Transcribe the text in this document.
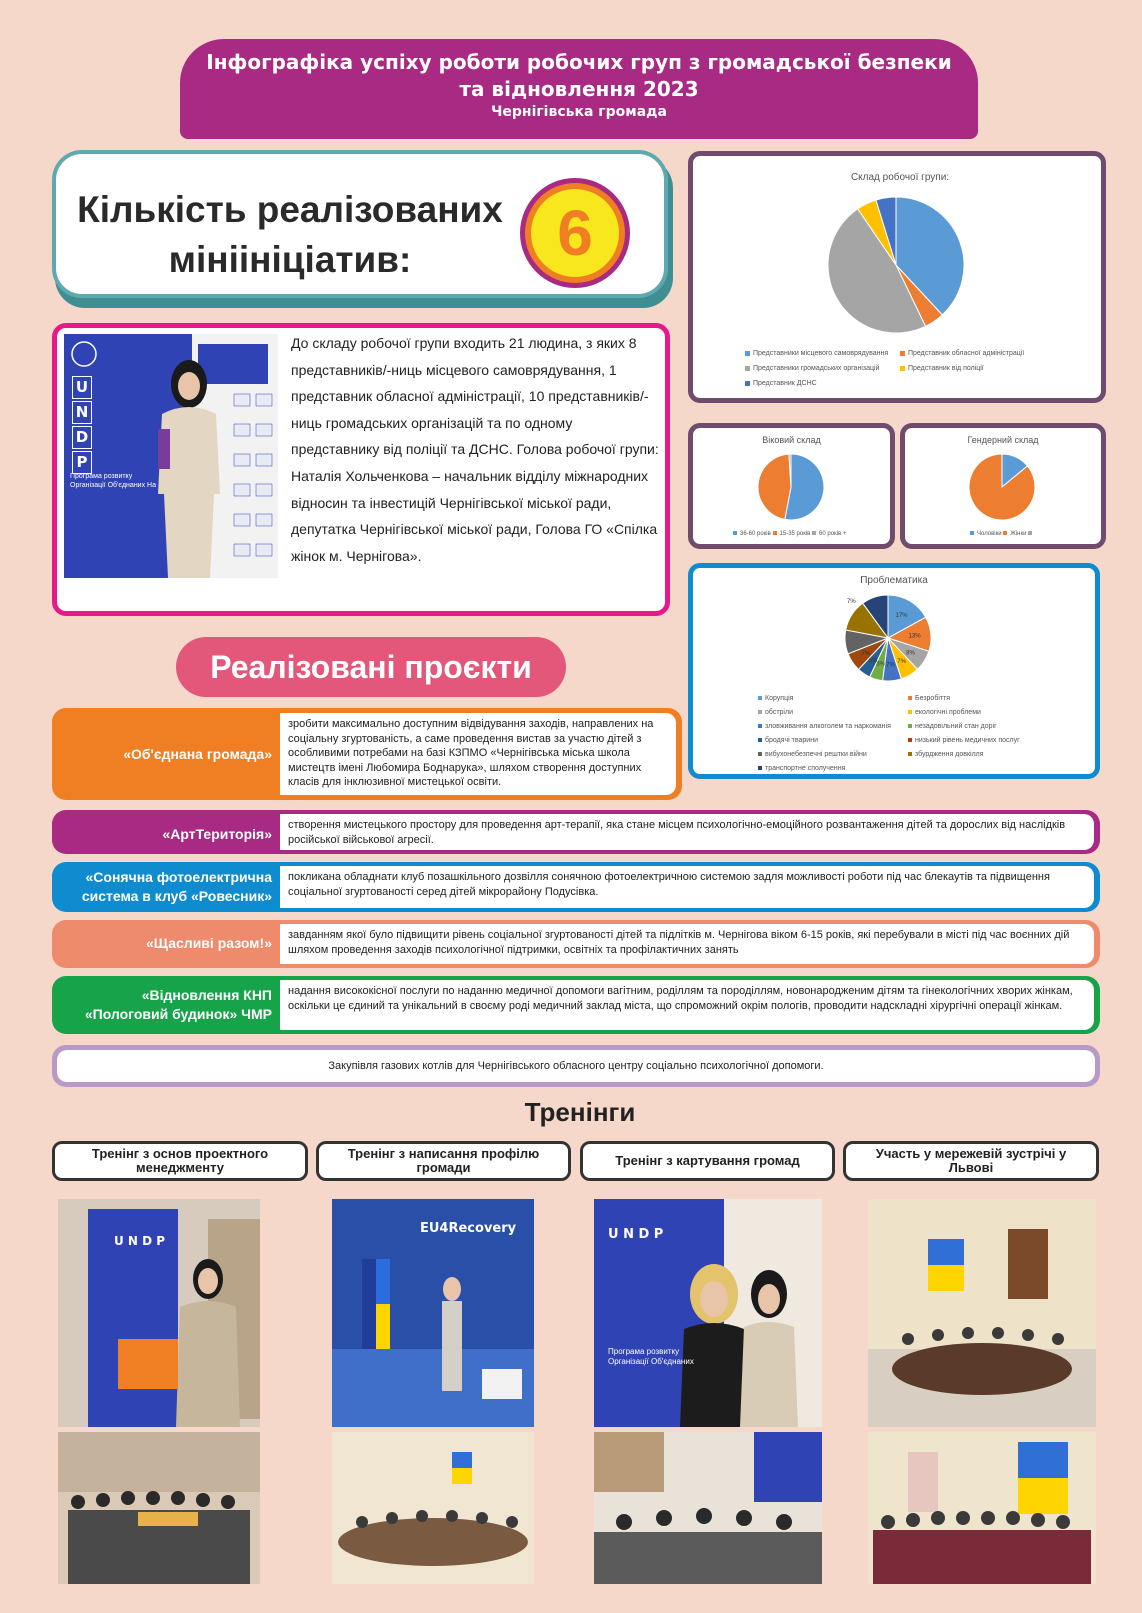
Інфографіка успіху роботи робочих груп з громадської безпеки
та відновлення 2023
Чернігівська громада
Кількість реалізованих
мініініціатив:	6
U
N
D
P
Програма розвитку
Організації Об'єднаних На
До складу робочої групи входить 21 людина, з яких 8 представників/-ниць місцевого самоврядування, 1 представник обласної адміністрації, 10 представників/-ниць громадських організацій та по одному представнику від поліції та ДСНС. Голова робочої групи: Наталія Хольченкова – начальник відділу міжнародних відносин та інвестицій Чернігівської міської ради, депутатка Чернігівської міської ради, Голова ГО «Спілка жінок м. Чернігова».
Склад робочої групи:
Представники місцевого самоврядування	Представник обласної адміністрації
Представники громадських організацій	Представник від поліції
Представник ДСНС
Віковий склад
36-60 років 15-35 років 60 років +
Гендерний склад
Чоловіки Жінки
Проблематика
17%
13%
8%
7%
7%
5%
5%
7%
7%
Корупція	Безробіттяобстріли	екологічні проблемизловживання алкоголем та наркоманія	незадовільний стан дорігбродячі тварини	низький рівень медичних послугвибухонебезпечні рештки війни	збурдження довкіллятранспортне сполучення
Реалізовані проєкти
«Об'єднана громада»
зробити максимально доступним відвідування заходів, направлених на соціальну згуртованість, а саме проведення вистав за участю дітей з особливими потребами на базі КЗПМО «Чернігівська міська школа мистецтв імені Любомира Боднарука», шляхом створення доступних класів для інклюзивної мистецької освіти.
«АртТериторія»
створення мистецького простору для проведення арт-терапії, яка стане місцем психологічно-емоційного розвантаження дітей та дорослих від наслідків російської військової агресії.
«Сонячна фотоелектрична
система в клуб «Ровесник»
покликана обладнати клуб позашкільного дозвілля сонячною фотоелектричною системою задля можливості роботи під час блекаутів та підвищення соціальної згуртованості серед дітей мікрорайону Подусівка.
«Щасливі разом!»	завданням якої було підвищити рівень соціальної згуртованості дітей та підлітків м. Чернігова віком 6-15 років, які перебували в місті під час воєнних дій шляхом проведення заходів психологічної підтримки, освітніх та профілактичних занять
«Відновлення КНП
«Пологовий будинок» ЧМР
надання висококісної послуги по наданню медичної допомоги вагітним, роділлям та породіллям, новонародженим дітям та гінекологічних хворих жінкам, оскільки це єдиний та унікальний в своєму роді медичний заклад міста, що спроможний окрім пологів, проводити надскладні хірургічні операції жінкам.
Закупівля газових котлів для Чернігівського обласного центру соціально психологічної допомоги.
Тренінги
Тренінг з основ проектного менеджменту
Тренінг з написання профілю громади	Тренінг з картування громад	Участь у мережевій зустрічі у Львові
U N D P
EU4Recovery	U N D P
Програма розвитку
Організації Об'єднаних
